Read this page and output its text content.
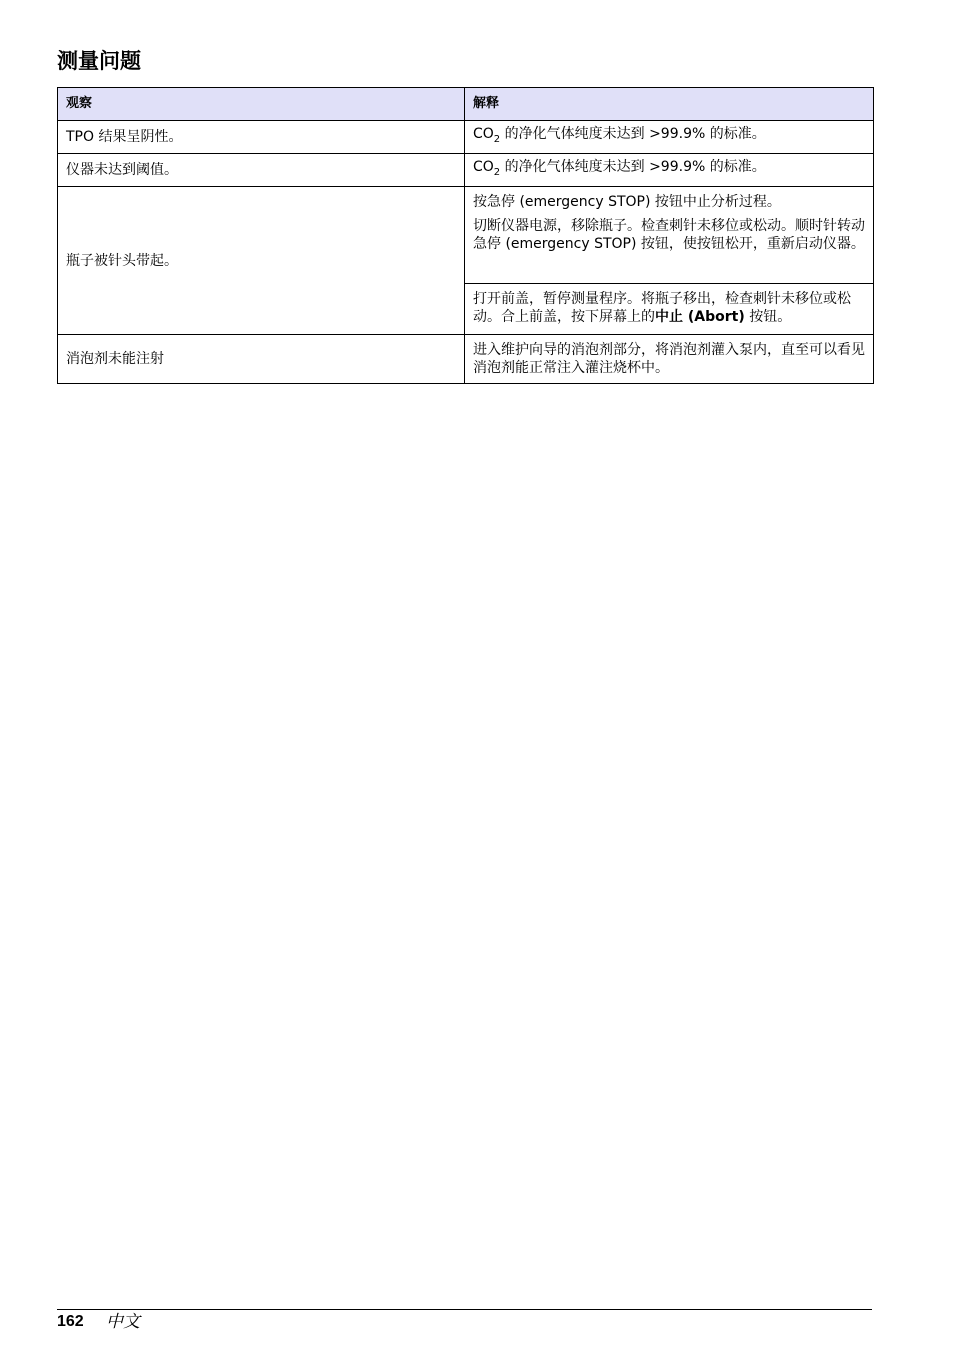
测量问题
观察	解释
TPO 结果呈阴性。	$CO_2$ 的净化气体纯度未达到 >99.9% 的标准。
仪器未达到阈值。	$CO_2$ 的净化气体纯度未达到 >99.9% 的标准。
瓶子被针头带起。	按急停 (emergency STOP) 按钮中止分析过程。
切断仪器电源，移除瓶子。检查刺针未移位或松动。顺时针转动急停 (emergency STOP) 按钮，使按钮松开，重新启动仪器。

	打开前盖，暂停测量程序。将瓶子移出，检查刺针未移位或松动。合上前盖，按下屏幕上的中止 (Abort) 按钮。
消泡剂未能注射	进入维护向导的消泡剂部分，将消泡剂灌入泵内，直至可以看见消泡剂能正常注入灌注烧杯中。
162 中文
